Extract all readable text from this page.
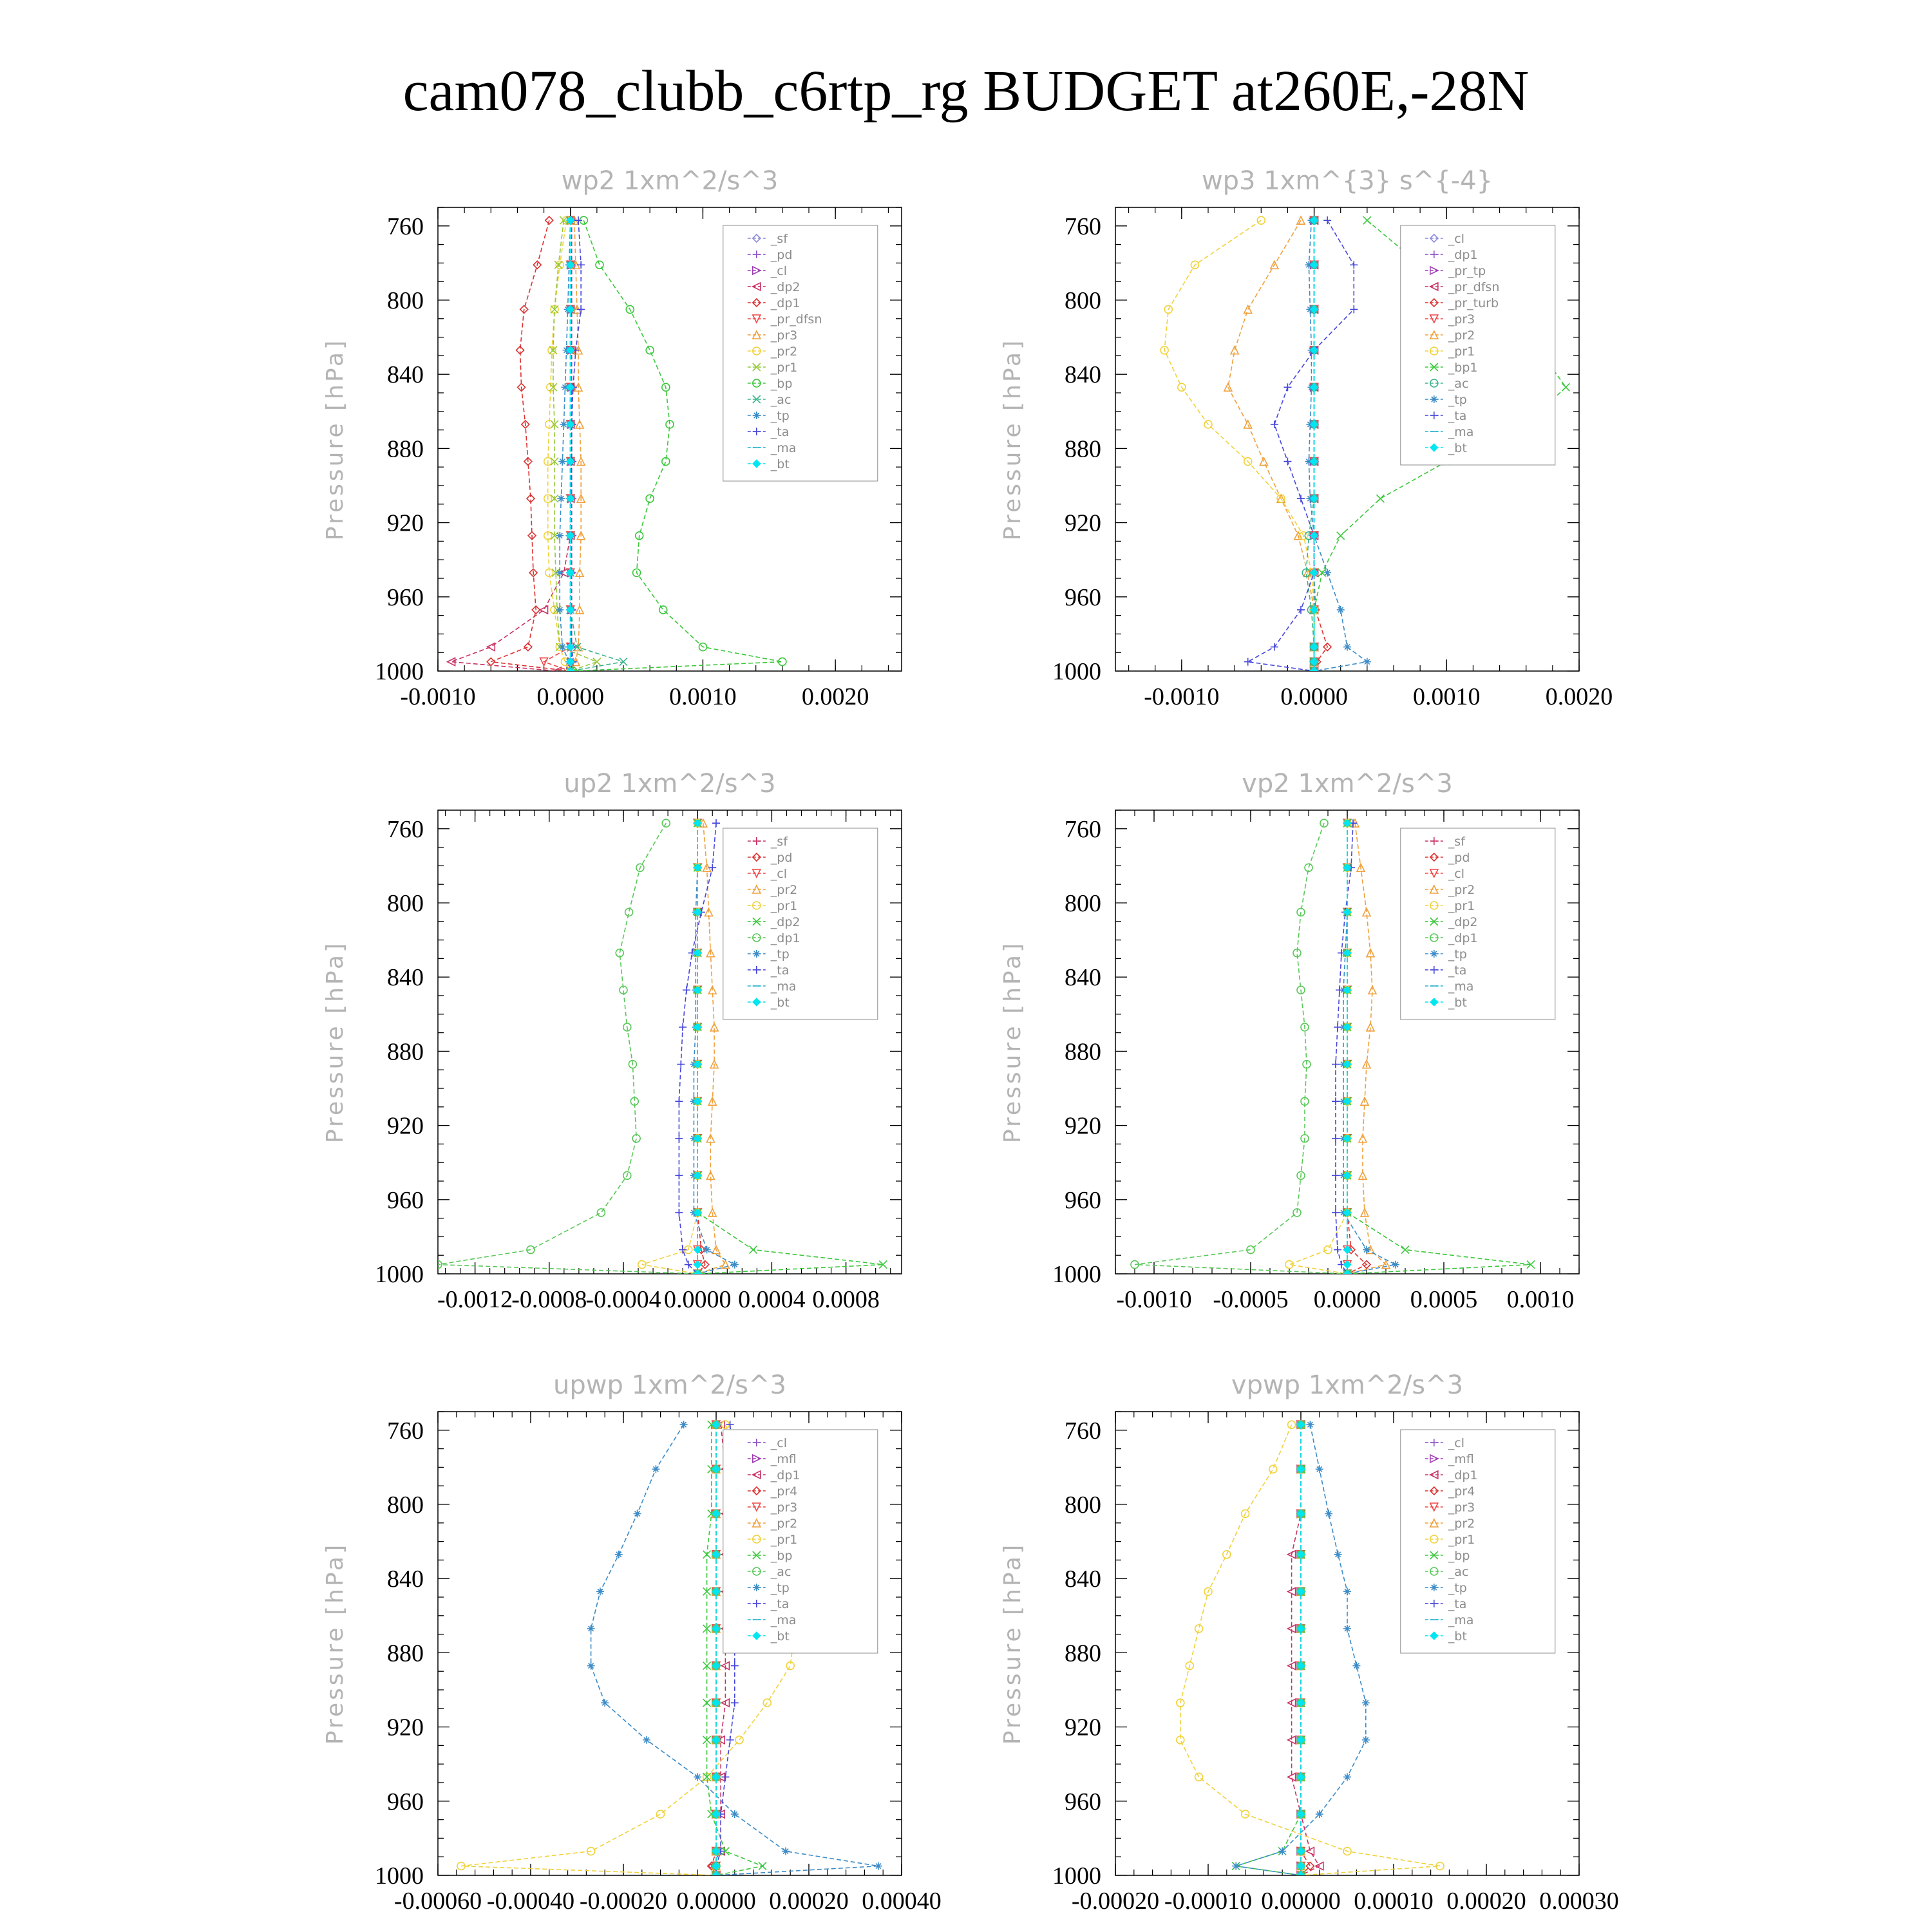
cam078_clubb_c6rtp_rg BUDGET at260E,-28N
wp2 1xm^2/s^3
Pressure [hPa]
760
800
840
880
920
960
1000
-0.0010 0.0000	0.0010	0.0020
_sf
_pd
_cl
_dp2
_dp1
_pr_dfsn
_pr3
_pr2
_pr1
_bp
_ac
_tp
_ta
_ma
_bt
wp3 1xm^{3} s^{-4}
Pressure [hPa]
760
800
840
880
920
960
1000
-0.0010 0.0000	0.0010	0.0020
_cl
_dp1
_pr_tp
_pr_dfsn
_pr_turb
_pr3
_pr2
_pr1
_bp1
_ac
_tp
_ta
_ma
_bt
up2 1xm^2/s^3
Pressure [hPa]
760
800
840
880
920
960
1000
-0.0012
-0.0008
-0.0004 0.0000 0.0004 0.0008
_sf
_pd
_cl
_pr2
_pr1
_dp2
_dp1
_tp
_ta
_ma
_bt
vp2 1xm^2/s^3
Pressure [hPa]
760
800
840
880
920
960
1000
-0.0010 -0.0005 0.0000 0.0005 0.0010
_sf
_pd
_cl
_pr2
_pr1
_dp2
_dp1
_tp
_ta
_ma
_bt
upwp 1xm^2/s^3
Pressure [hPa]
760
800
840
880
920
960
1000
-0.00060 -0.00040 -0.00020 0.00000 0.00020 0.00040
_cl
_mfl
_dp1
_pr4
_pr3
_pr2
_pr1
_bp
_ac
_tp
_ta
_ma
_bt
vpwp 1xm^2/s^3
Pressure [hPa]
760
800
840
880
920
960
1000
-0.00020 -0.00010 0.00000 0.00010 0.00020 0.00030
_cl
_mfl
_dp1
_pr4
_pr3
_pr2
_pr1
_bp
_ac
_tp
_ta
_ma
_bt
